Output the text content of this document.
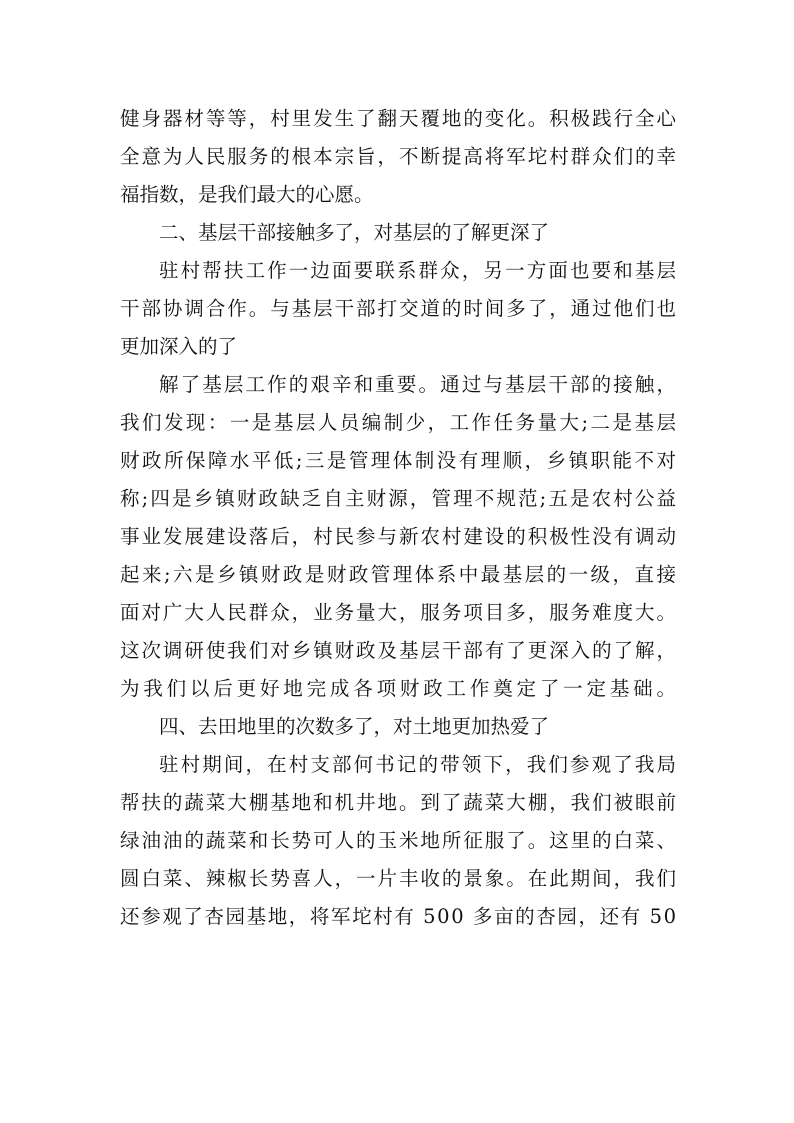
健身器材等等，村里发生了翻天覆地的变化。积极践行全心
全意为人民服务的根本宗旨，不断提高将军坨村群众们的幸
福指数，是我们最大的心愿。
二、基层干部接触多了，对基层的了解更深了
驻村帮扶工作一边面要联系群众，另一方面也要和基层
干部协调合作。与基层干部打交道的时间多了，通过他们也
更加深入的了
解了基层工作的艰辛和重要。通过与基层干部的接触，
我们发现：一是基层人员编制少，工作任务量大;二是基层
财政所保障水平低;三是管理体制没有理顺，乡镇职能不对
称;四是乡镇财政缺乏自主财源，管理不规范;五是农村公益
事业发展建设落后，村民参与新农村建设的积极性没有调动
起来;六是乡镇财政是财政管理体系中最基层的一级，直接
面对广大人民群众，业务量大，服务项目多，服务难度大。
这次调研使我们对乡镇财政及基层干部有了更深入的了解，
为我们以后更好地完成各项财政工作奠定了一定基础。
四、去田地里的次数多了，对土地更加热爱了
驻村期间，在村支部何书记的带领下，我们参观了我局
帮扶的蔬菜大棚基地和机井地。到了蔬菜大棚，我们被眼前
绿油油的蔬菜和长势可人的玉米地所征服了。这里的白菜、
圆白菜、辣椒长势喜人，一片丰收的景象。在此期间，我们
还参观了杏园基地，将军坨村有 500 多亩的杏园，还有 50
